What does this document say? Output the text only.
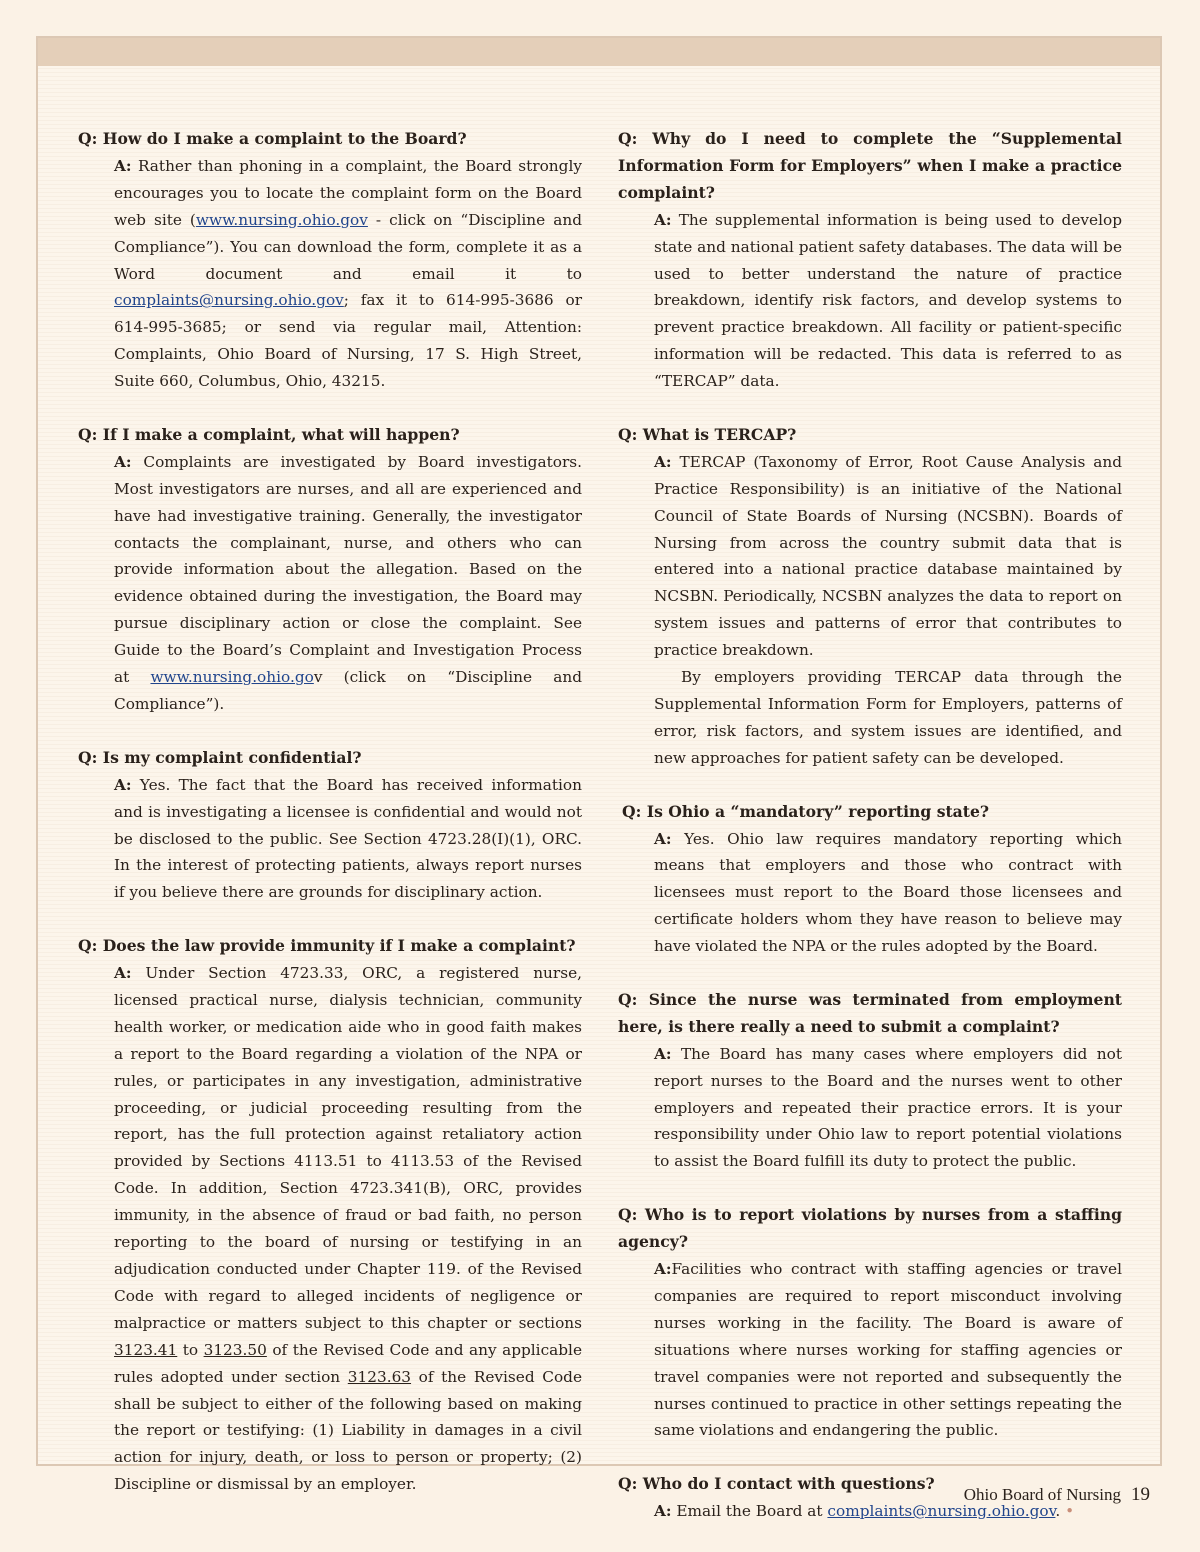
Q: How do I make a complaint to the Board?

A: Rather than phoning in a complaint, the Board strongly encourages you to locate the complaint form on the Board web site (www.nursing.ohio.gov - click on “Discipline and Compliance”). You can download the form, complete it as a Word document and email it to complaints@nursing.ohio.gov; fax it to 614-995-3686 or 614-995-3685; or send via regular mail, Attention: Complaints, Ohio Board of Nursing, 17 S. High Street, Suite 660, Columbus, Ohio, 43215.

Q: If I make a complaint, what will happen?

A: Complaints are investigated by Board investigators. Most investigators are nurses, and all are experienced and have had investigative training. Generally, the investigator contacts the complainant, nurse, and others who can provide information about the allegation. Based on the evidence obtained during the investigation, the Board may pursue disciplinary action or close the complaint. See Guide to the Board’s Complaint and Investigation Process at www.nursing.ohio.gov (click on “Discipline and Compliance”).

Q: Is my complaint confidential?

A: Yes. The fact that the Board has received information and is investigating a licensee is confidential and would not be disclosed to the public. See Section 4723.28(I)(1), ORC. In the interest of protecting patients, always report nurses if you believe there are grounds for disciplinary action.

Q: Does the law provide immunity if I make a complaint?

A: Under Section 4723.33, ORC, a registered nurse, licensed practical nurse, dialysis technician, community health worker, or medication aide who in good faith makes a report to the Board regarding a violation of the NPA or rules, or participates in any investigation, administrative proceeding, or judicial proceeding resulting from the report, has the full protection against retaliatory action provided by Sections 4113.51 to 4113.53 of the Revised Code. In addition, Section 4723.341(B), ORC, provides immunity, in the absence of fraud or bad faith, no person reporting to the board of nursing or testifying in an adjudication conducted under Chapter 119. of the Revised Code with regard to alleged incidents of negligence or malpractice or matters subject to this chapter or sections 3123.41 to 3123.50 of the Revised Code and any applicable rules adopted under section 3123.63 of the Revised Code shall be subject to either of the following based on making the report or testifying: (1) Liability in damages in a civil action for injury, death, or loss to person or property; (2) Discipline or dismissal by an employer.

Q: Why do I need to complete the “Supplemental Information Form for Employers” when I make a practice complaint?

A: The supplemental information is being used to develop state and national patient safety databases. The data will be used to better understand the nature of practice breakdown, identify risk factors, and develop systems to prevent practice breakdown. All facility or patient-specific information will be redacted. This data is referred to as “TERCAP” data.

Q: What is TERCAP?

A: TERCAP (Taxonomy of Error, Root Cause Analysis and Practice Responsibility) is an initiative of the National Council of State Boards of Nursing (NCSBN). Boards of Nursing from across the country submit data that is entered into a national practice database maintained by NCSBN. Periodically, NCSBN analyzes the data to report on system issues and patterns of error that contributes to practice breakdown.

By employers providing TERCAP data through the Supplemental Information Form for Employers, patterns of error, risk factors, and system issues are identified, and new approaches for patient safety can be developed.

Q: Is Ohio a “mandatory” reporting state?

A: Yes. Ohio law requires mandatory reporting which means that employers and those who contract with licensees must report to the Board those licensees and certificate holders whom they have reason to believe may have violated the NPA or the rules adopted by the Board.

Q: Since the nurse was terminated from employment here, is there really a need to submit a complaint?

A: The Board has many cases where employers did not report nurses to the Board and the nurses went to other employers and repeated their practice errors. It is your responsibility under Ohio law to report potential violations to assist the Board fulfill its duty to protect the public.

Q: Who is to report violations by nurses from a staffing agency?

A:Facilities who contract with staffing agencies or travel companies are required to report misconduct involving nurses working in the facility. The Board is aware of situations where nurses working for staffing agencies or travel companies were not reported and subsequently the nurses continued to practice in other settings repeating the same violations and endangering the public.

Q: Who do I contact with questions?

A: Email the Board at complaints@nursing.ohio.gov. •

Ohio Board of Nursing 19
